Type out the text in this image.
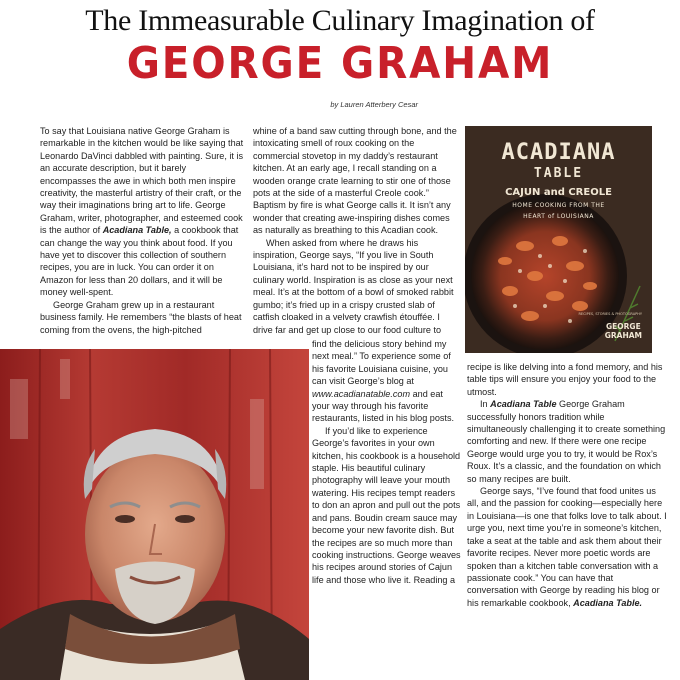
The Immeasurable Culinary Imagination of
GEORGE GRAHAM
by Lauren Atterbery Cesar

To say that Louisiana native George Graham is remarkable in the kitchen would be like saying that Leonardo DaVinci dabbled with painting. Sure, it is an accurate description, but it barely encompasses the awe in which both men inspire creativity, the masterful artistry of their craft, or the way their imaginations bring art to life. George Graham, writer, photographer, and esteemed cook is the author of Acadiana Table, a cookbook that can change the way you think about food. If you have yet to discover this collection of southern recipes, you are in luck. You can order it on Amazon for less than 20 dollars, and it will be money well-spent.

George Graham grew up in a restaurant business family. He remembers “the blasts of heat coming from the ovens, the high-pitched

whine of a band saw cutting through bone, and the intoxicating smell of roux cooking on the commercial stovetop in my daddy’s restaurant kitchen. At an early age, I recall standing on a wooden orange crate learning to stir one of those pots at the side of a masterful Creole cook.” Baptism by fire is what George calls it. It isn’t any wonder that creating awe-inspiring dishes comes as naturally as breathing to this Acadian cook.

When asked from where he draws his inspiration, George says, “If you live in South Louisiana, it’s hard not to be inspired by our culinary world. Inspiration is as close as your next meal. It’s at the bottom of a bowl of smoked rabbit gumbo; it’s fried up in a crispy crusted slab of catfish cloaked in a velvety crawfish étouffée. I drive far and get up close to our food culture to

find the delicious story behind my next meal.” To experience some of his favorite Louisiana cuisine, you can visit George’s blog at www.acadianatable.com and eat your way through his favorite restaurants, listed in his blog posts.

If you’d like to experience George’s favorites in your own kitchen, his cookbook is a household staple. His beautiful culinary photography will leave your mouth watering. His recipes tempt readers to don an apron and pull out the pots and pans. Boudin cream sauce may become your new favorite dish. But the recipes are so much more than cooking instructions. George weaves his recipes around stories of Cajun life and those who live it. Reading a

recipe is like delving into a fond memory, and his table tips will ensure you enjoy your food to the utmost.

In Acadiana Table George Graham successfully honors tradition while simultaneously challenging it to create something comforting and new. If there were one recipe George would urge you to try, it would be Rox’s Roux. It’s a classic, and the foundation on which so many recipes are built.

George says, “I’ve found that food unites us all, and the passion for cooking—especially here in Louisiana—is one that folks love to talk about. I urge you, next time you’re in someone’s kitchen, take a seat at the table and ask them about their favorite recipes. Never more poetic words are spoken than a kitchen table conversation with a passionate cook.” You can have that conversation with George by reading his blog or his remarkable cookbook, Acadiana Table.

ACADIANA
TABLE
CAJUN and CREOLE
HOME COOKING FROM THE
HEART of LOUISIANA
RECIPES, STORIES & PHOTOGRAPHY
GEORGE
GRAHAM
